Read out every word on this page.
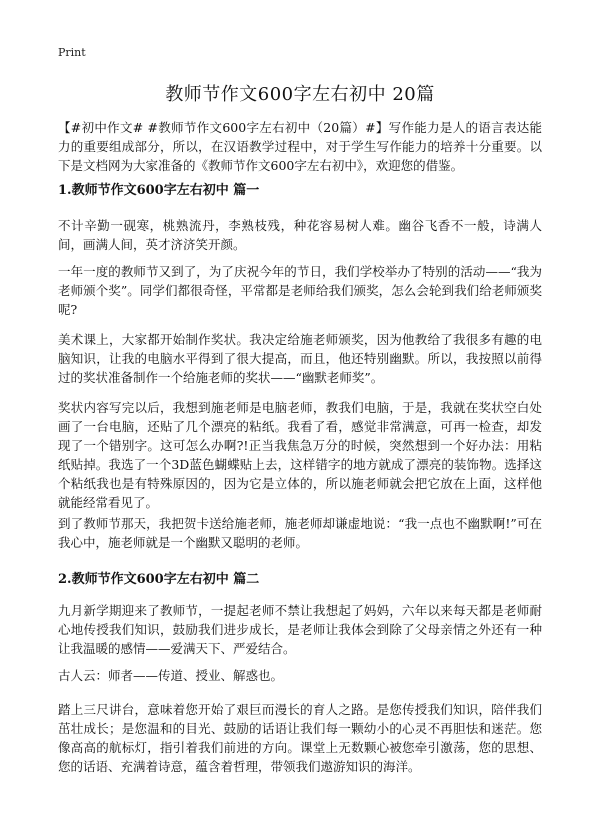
Print
教师节作文600字左右初中 20篇

【#初中作文# #教师节作文600字左右初中（20篇）#】写作能力是人的语言表达能力的重要组成部分，所以，在汉语教学过程中，对于学生写作能力的培养十分重要。以下是文档网为大家准备的《教师节作文600字左右初中》，欢迎您的借鉴。

1.教师节作文600字左右初中 篇一

不计辛勤一砚寒，桃熟流丹，李熟枝残，种花容易树人难。幽谷飞香不一般，诗满人间，画满人间，英才济济笑开颜。

一年一度的教师节又到了，为了庆祝今年的节日，我们学校举办了特别的活动——“我为老师颁个奖”。同学们都很奇怪，平常都是老师给我们颁奖，怎么会轮到我们给老师颁奖呢?

美术课上，大家都开始制作奖状。我决定给施老师颁奖，因为他教给了我很多有趣的电脑知识，让我的电脑水平得到了很大提高，而且，他还特别幽默。所以，我按照以前得过的奖状准备制作一个给施老师的奖状——“幽默老师奖”。

奖状内容写完以后，我想到施老师是电脑老师，教我们电脑，于是，我就在奖状空白处画了一台电脑，还贴了几个漂亮的粘纸。我看了看，感觉非常满意，可再一检查，却发现了一个错别字。这可怎么办啊?!正当我焦急万分的时候，突然想到一个好办法：用粘纸贴掉。我选了一个3D蓝色蝴蝶贴上去，这样错字的地方就成了漂亮的装饰物。选择这个粘纸我也是有特殊原因的，因为它是立体的，所以施老师就会把它放在上面，这样他就能经常看见了。

到了教师节那天，我把贺卡送给施老师，施老师却谦虚地说：“我一点也不幽默啊!”可在我心中，施老师就是一个幽默又聪明的老师。

2.教师节作文600字左右初中 篇二

九月新学期迎来了教师节，一提起老师不禁让我想起了妈妈，六年以来每天都是老师耐心地传授我们知识，鼓励我们进步成长，是老师让我体会到除了父母亲情之外还有一种让我温暖的感情——爱满天下、严爱结合。

古人云：师者——传道、授业、解惑也。

踏上三尺讲台，意味着您开始了艰巨而漫长的育人之路。是您传授我们知识，陪伴我们茁壮成长；是您温和的目光、鼓励的话语让我们每一颗幼小的心灵不再胆怯和迷茫。您像高高的航标灯，指引着我们前进的方向。课堂上无数颗心被您牵引激荡，您的思想、您的话语、充满着诗意，蕴含着哲理，带领我们遨游知识的海洋。
